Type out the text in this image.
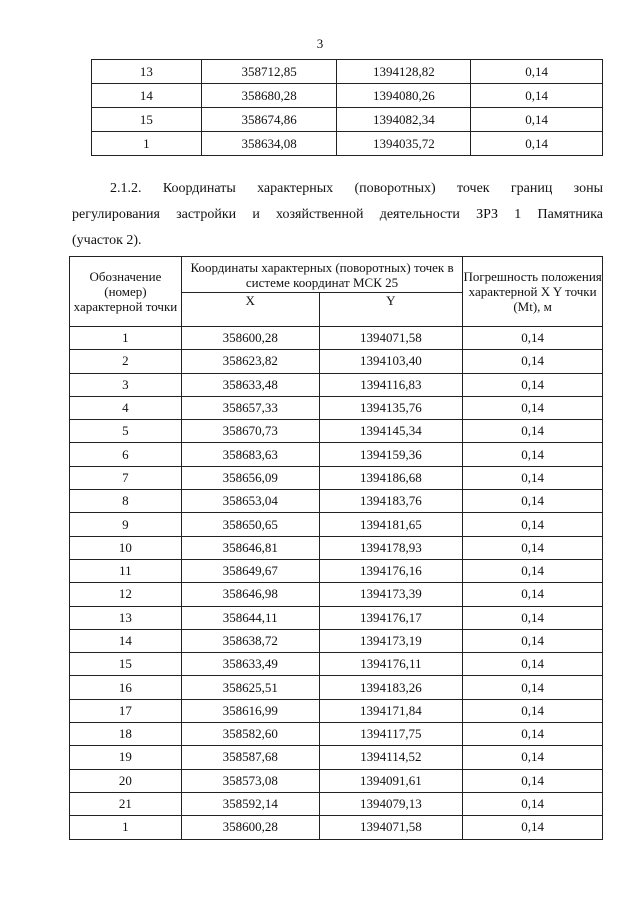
3
13	358712,85	1394128,82	0,14
14	358680,28	1394080,26	0,14
15	358674,86	1394082,34	0,14
1	358634,08	1394035,72	0,14
2.1.2. Координаты характерных (поворотных) точек границ зоны
регулирования застройки и хозяйственной деятельности ЗРЗ 1 Памятника
(участок 2).
Обозначение (номер) характерной точки	Координаты характерных (поворотных) точек в системе координат МСК 25		Погрешность положения характерной X Y точки (Mt), м
	X	Y	
1	358600,28	1394071,58	0,14
2	358623,82	1394103,40	0,14
3	358633,48	1394116,83	0,14
4	358657,33	1394135,76	0,14
5	358670,73	1394145,34	0,14
6	358683,63	1394159,36	0,14
7	358656,09	1394186,68	0,14
8	358653,04	1394183,76	0,14
9	358650,65	1394181,65	0,14
10	358646,81	1394178,93	0,14
11	358649,67	1394176,16	0,14
12	358646,98	1394173,39	0,14
13	358644,11	1394176,17	0,14
14	358638,72	1394173,19	0,14
15	358633,49	1394176,11	0,14
16	358625,51	1394183,26	0,14
17	358616,99	1394171,84	0,14
18	358582,60	1394117,75	0,14
19	358587,68	1394114,52	0,14
20	358573,08	1394091,61	0,14
21	358592,14	1394079,13	0,14
1	358600,28	1394071,58	0,14
